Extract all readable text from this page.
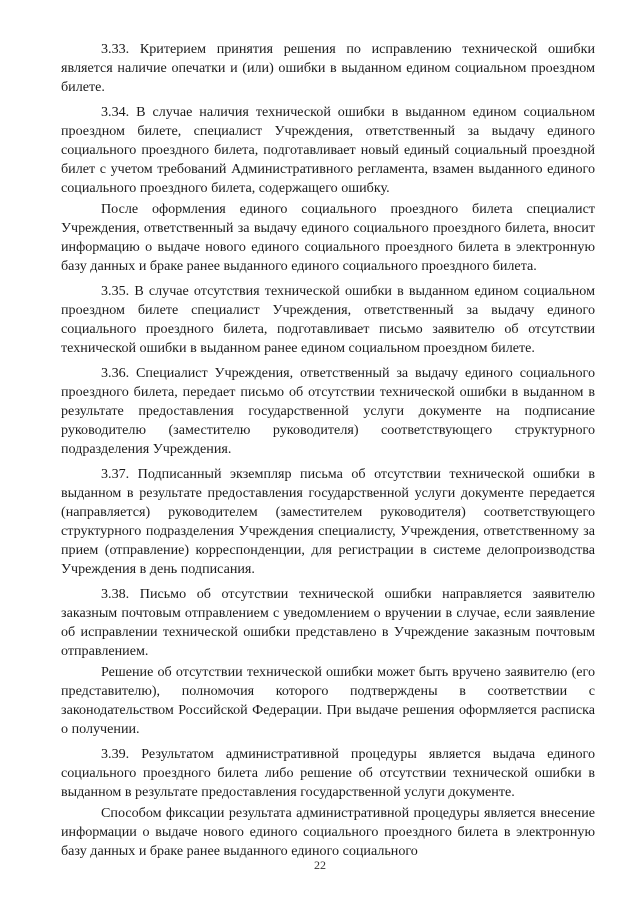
3.33. Критерием принятия решения по исправлению технической ошибки является наличие опечатки и (или) ошибки в выданном едином социальном проездном билете.

3.34. В случае наличия технической ошибки в выданном едином социальном проездном билете, специалист Учреждения, ответственный за выдачу единого социального проездного билета, подготавливает новый единый социальный проездной билет с учетом требований Административного регламента, взамен выданного единого социального проездного билета, содержащего ошибку.

После оформления единого социального проездного билета специалист Учреждения, ответственный за выдачу единого социального проездного билета, вносит информацию о выдаче нового единого социального проездного билета в электронную базу данных и браке ранее выданного единого социального проездного билета.

3.35. В случае отсутствия технической ошибки в выданном едином социальном проездном билете специалист Учреждения, ответственный за выдачу единого социального проездного билета, подготавливает письмо заявителю об отсутствии технической ошибки в выданном ранее едином социальном проездном билете.

3.36. Специалист Учреждения, ответственный за выдачу единого социального проездного билета, передает письмо об отсутствии технической ошибки в выданном в результате предоставления государственной услуги документе на подписание руководителю (заместителю руководителя) соответствующего структурного подразделения Учреждения.

3.37. Подписанный экземпляр письма об отсутствии технической ошибки в выданном в результате предоставления государственной услуги документе передается (направляется) руководителем (заместителем руководителя) соответствующего структурного подразделения Учреждения специалисту, Учреждения, ответственному за прием (отправление) корреспонденции, для регистрации в системе делопроизводства Учреждения в день подписания.

3.38. Письмо об отсутствии технической ошибки направляется заявителю заказным почтовым отправлением с уведомлением о вручении в случае, если заявление об исправлении технической ошибки представлено в Учреждение заказным почтовым отправлением.

Решение об отсутствии технической ошибки может быть вручено заявителю (его представителю), полномочия которого подтверждены в соответствии с законодательством Российской Федерации. При выдаче решения оформляется расписка о получении.

3.39. Результатом административной процедуры является выдача единого социального проездного билета либо решение об отсутствии технической ошибки в выданном в результате предоставления государственной услуги документе.

Способом фиксации результата административной процедуры является внесение информации о выдаче нового единого социального проездного билета в электронную базу данных и браке ранее выданного единого социального

22
